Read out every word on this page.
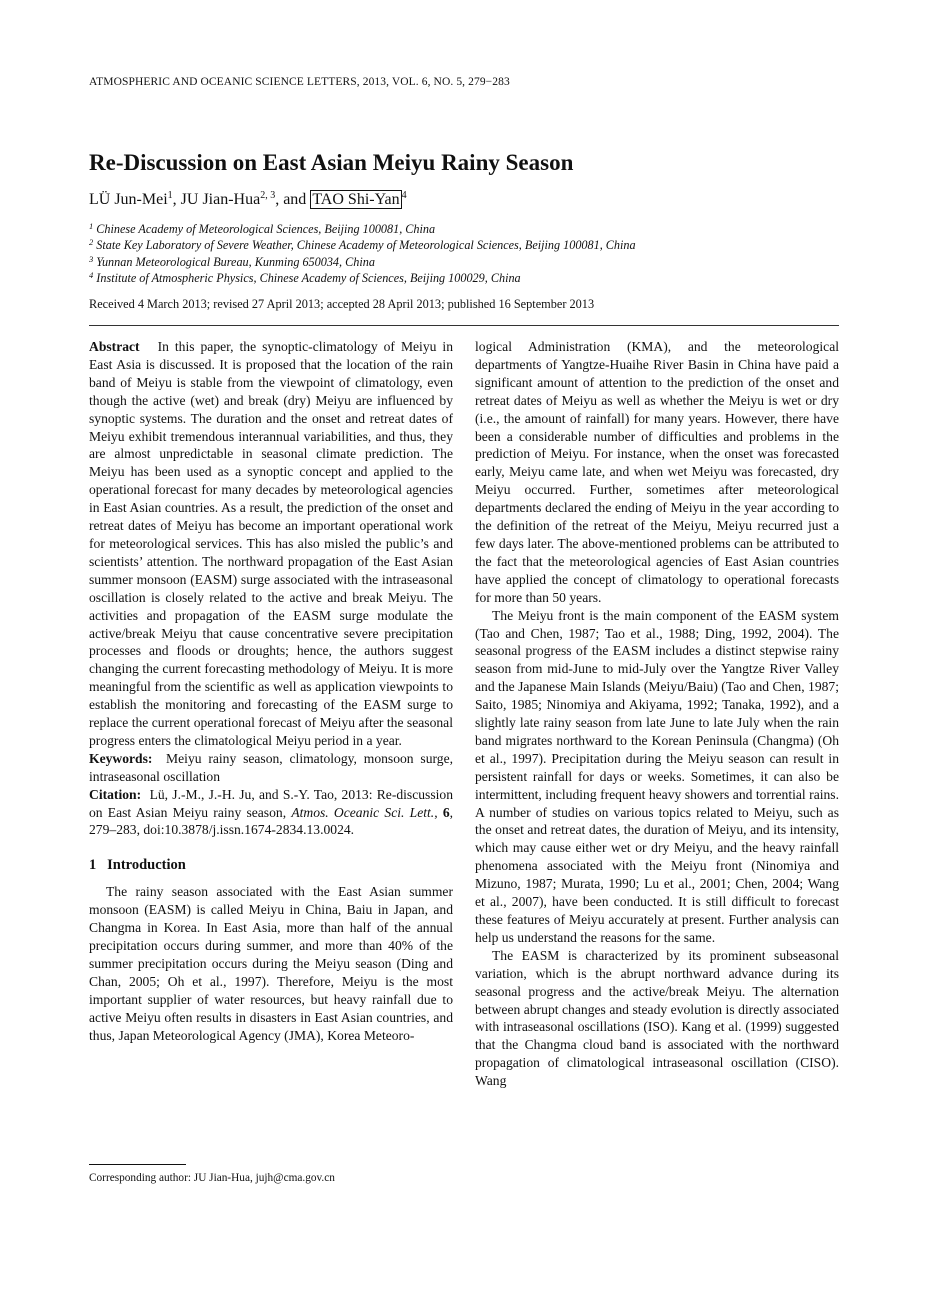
ATMOSPHERIC AND OCEANIC SCIENCE LETTERS, 2013, VOL. 6, NO. 5, 279−283
Re-Discussion on East Asian Meiyu Rainy Season
LÜ Jun-Mei$^1$, JU Jian-Hua$^{2, 3}$, and TAO Shi-Yan $^4$
$^1$ Chinese Academy of Meteorological Sciences, Beijing 100081, China
$^2$ State Key Laboratory of Severe Weather, Chinese Academy of Meteorological Sciences, Beijing 100081, China
$^3$ Yunnan Meteorological Bureau, Kunming 650034, China
$^4$ Institute of Atmospheric Physics, Chinese Academy of Sciences, Beijing 100029, China
Received 4 March 2013; revised 27 April 2013; accepted 28 April 2013; published 16 September 2013

Abstract In this paper, the synoptic-climatology of Meiyu in East Asia is discussed. It is proposed that the location of the rain band of Meiyu is stable from the viewpoint of climatology, even though the active (wet) and break (dry) Meiyu are influenced by synoptic systems. The duration and the onset and retreat dates of Meiyu exhibit tremendous interannual variabilities, and thus, they are almost unpredictable in seasonal climate prediction. The Meiyu has been used as a synoptic concept and applied to the operational forecast for many decades by meteorological agencies in East Asian countries. As a result, the prediction of the onset and retreat dates of Meiyu has become an important operational work for meteorological services. This has also misled the public’s and scientists’ attention. The northward propagation of the East Asian summer monsoon (EASM) surge associated with the intraseasonal oscillation is closely related to the active and break Meiyu. The activities and propagation of the EASM surge modulate the active/break Meiyu that cause concentrative severe precipitation processes and floods or droughts; hence, the authors suggest changing the current forecasting methodology of Meiyu. It is more meaningful from the scientific as well as application viewpoints to establish the monitoring and forecasting of the EASM surge to replace the current operational forecast of Meiyu after the seasonal progress enters the climatological Meiyu period in a year.

Keywords: Meiyu rainy season, climatology, monsoon surge, intraseasonal oscillation

Citation: Lü, J.-M., J.-H. Ju, and S.-Y. Tao, 2013: Re-discussion on East Asian Meiyu rainy season, Atmos. Oceanic Sci. Lett., 6, 279–283, doi:10.3878/j.issn.1674-2834.13.0024.

1 Introduction

The rainy season associated with the East Asian summer monsoon (EASM) is called Meiyu in China, Baiu in Japan, and Changma in Korea. In East Asia, more than half of the annual precipitation occurs during summer, and more than 40% of the summer precipitation occurs during the Meiyu season (Ding and Chan, 2005; Oh et al., 1997). Therefore, Meiyu is the most important supplier of water resources, but heavy rainfall due to active Meiyu often results in disasters in East Asian countries, and thus, Japan Meteorological Agency (JMA), Korea Meteoro-

logical Administration (KMA), and the meteorological departments of Yangtze-Huaihe River Basin in China have paid a significant amount of attention to the prediction of the onset and retreat dates of Meiyu as well as whether the Meiyu is wet or dry (i.e., the amount of rainfall) for many years. However, there have been a considerable number of difficulties and problems in the prediction of Meiyu. For instance, when the onset was forecasted early, Meiyu came late, and when wet Meiyu was forecasted, dry Meiyu occurred. Further, sometimes after meteorological departments declared the ending of Meiyu in the year according to the definition of the retreat of the Meiyu, Meiyu recurred just a few days later. The above-mentioned problems can be attributed to the fact that the meteorological agencies of East Asian countries have applied the concept of climatology to operational forecasts for more than 50 years.

The Meiyu front is the main component of the EASM system (Tao and Chen, 1987; Tao et al., 1988; Ding, 1992, 2004). The seasonal progress of the EASM includes a distinct stepwise rainy season from mid-June to mid-July over the Yangtze River Valley and the Japanese Main Islands (Meiyu/Baiu) (Tao and Chen, 1987; Saito, 1985; Ninomiya and Akiyama, 1992; Tanaka, 1992), and a slightly late rainy season from late June to late July when the rain band migrates northward to the Korean Peninsula (Changma) (Oh et al., 1997). Precipitation during the Meiyu season can result in persistent rainfall for days or weeks. Sometimes, it can also be intermittent, including frequent heavy showers and torrential rains. A number of studies on various topics related to Meiyu, such as the onset and retreat dates, the duration of Meiyu, and its intensity, which may cause either wet or dry Meiyu, and the heavy rainfall phenomena associated with the Meiyu front (Ninomiya and Mizuno, 1987; Murata, 1990; Lu et al., 2001; Chen, 2004; Wang et al., 2007), have been conducted. It is still difficult to forecast these features of Meiyu accurately at present. Further analysis can help us understand the reasons for the same.

The EASM is characterized by its prominent subseasonal variation, which is the abrupt northward advance during its seasonal progress and the active/break Meiyu. The alternation between abrupt changes and steady evolution is directly associated with intraseasonal oscillations (ISO). Kang et al. (1999) suggested that the Changma cloud band is associated with the northward propagation of climatological intraseasonal oscillation (CISO). Wang

Corresponding author: JU Jian-Hua, jujh@cma.gov.cn
